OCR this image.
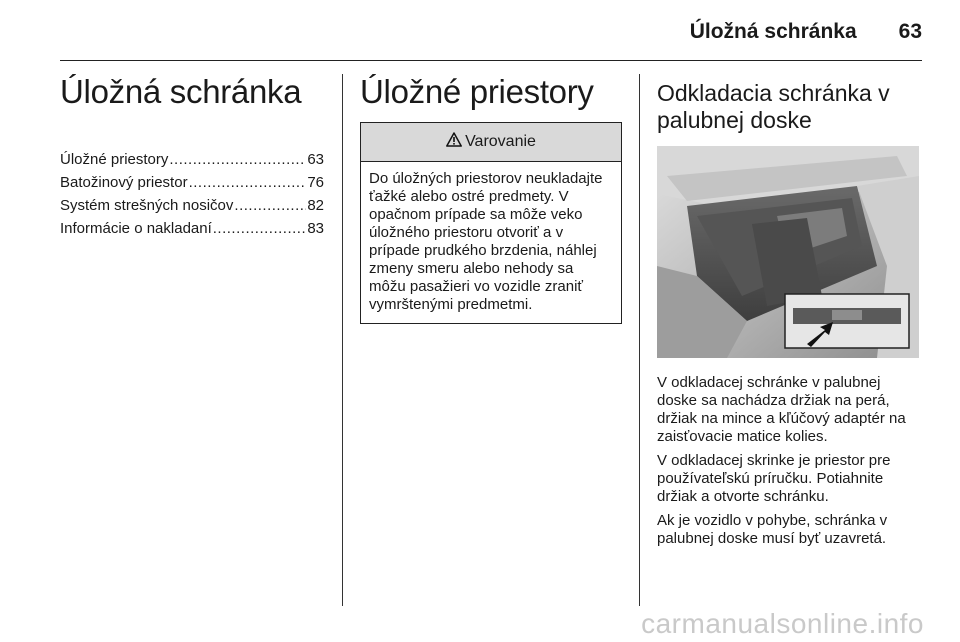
Úložná schránka 63
Úložná schránka
Úložné priestory .....	63
Batožinový priestor .....	76
Systém strešných nosičov .....	82
Informácie o nakladaní .....	83
Úložné priestory
Varovanie
Do úložných priestorov neukladajte ťažké alebo ostré predmety. V opačnom prípade sa môže veko úložného priestoru otvoriť a v prípade prudkého brzdenia, náhlej zmeny smeru alebo nehody sa môžu pasažieri vo vozidle zraniť vymrštenými predmetmi.
Odkladacia schránka v palubnej doske

V odkladacej schránke v palubnej doske sa nachádza držiak na perá, držiak na mince a kľúčový adaptér na zaisťovacie matice kolies.

V odkladacej skrinke je priestor pre používateľskú príručku. Potiahnite držiak a otvorte schránku.

Ak je vozidlo v pohybe, schránka v palubnej doske musí byť uzavretá.

carmanualsonline.info
